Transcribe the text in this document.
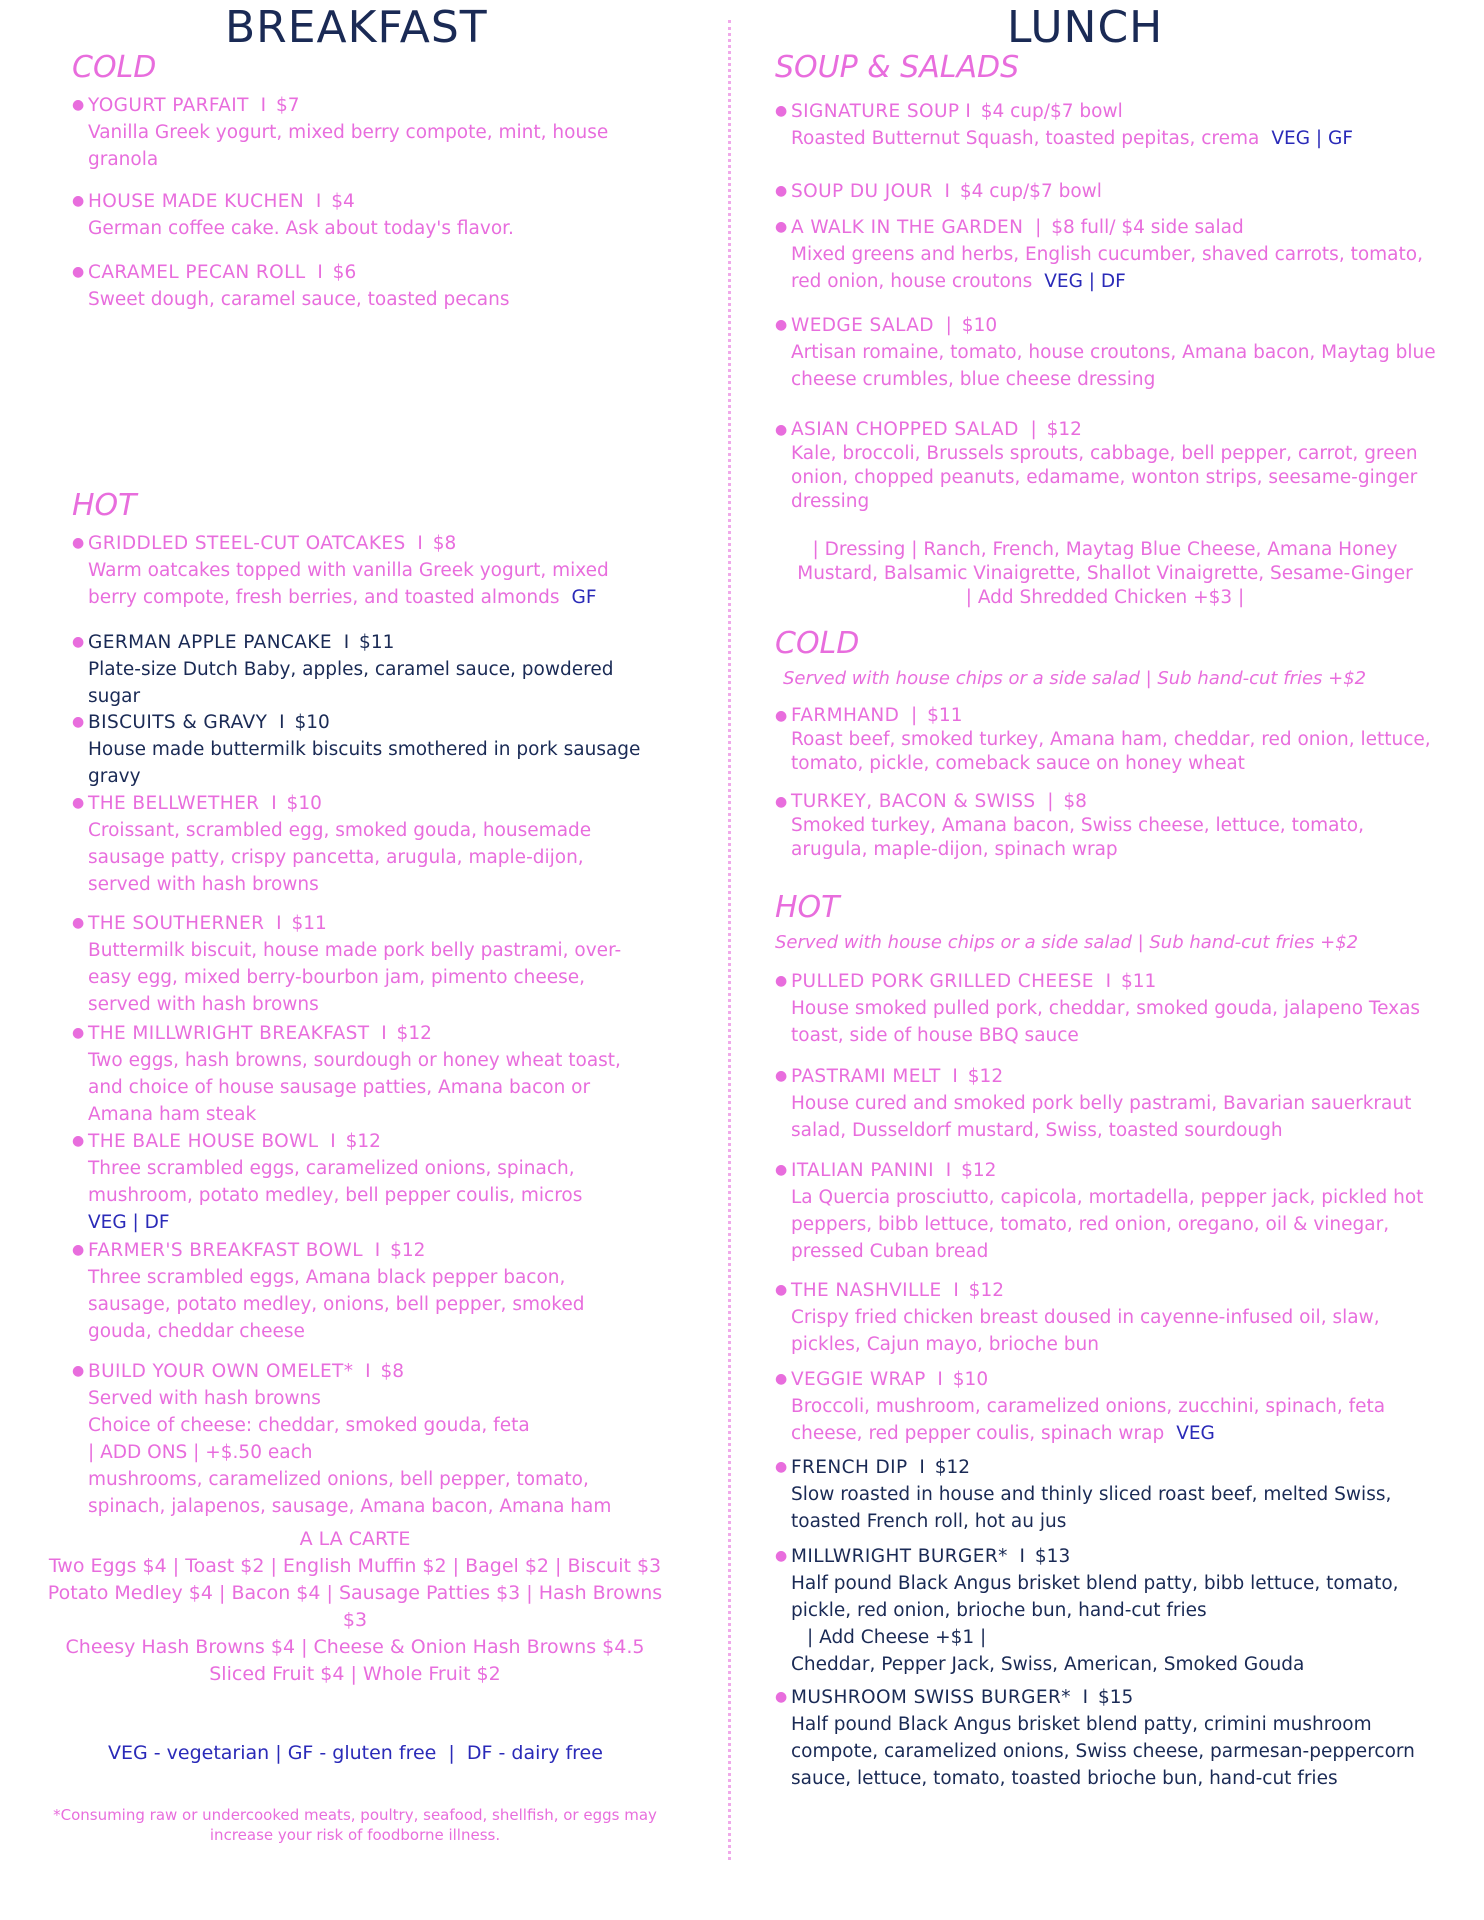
BREAKFAST
COLD
● YOGURT PARFAIT I $7
Vanilla Greek yogurt, mixed berry compote, mint, house granola
● HOUSE MADE KUCHEN I $4
German coffee cake. Ask about today's flavor.
● CARAMEL PECAN ROLL I $6
Sweet dough, caramel sauce, toasted pecans
HOT
● GRIDDLED STEEL-CUT OATCAKES I $8
Warm oatcakes topped with vanilla Greek yogurt, mixed berry compote, fresh berries, and toasted almonds GF
● GERMAN APPLE PANCAKE I $11
Plate-size Dutch Baby, apples, caramel sauce, powdered sugar
● BISCUITS & GRAVY I $10
House made buttermilk biscuits smothered in pork sausage gravy
● THE BELLWETHER I $10
Croissant, scrambled egg, smoked gouda, housemade sausage patty, crispy pancetta, arugula, maple-dijon, served with hash browns
● THE SOUTHERNER I $11
Buttermilk biscuit, house made pork belly pastrami, over-easy egg, mixed berry-bourbon jam, pimento cheese, served with hash browns
● THE MILLWRIGHT BREAKFAST I $12
Two eggs, hash browns, sourdough or honey wheat toast, and choice of house sausage patties, Amana bacon or Amana ham steak
● THE BALE HOUSE BOWL I $12
Three scrambled eggs, caramelized onions, spinach, mushroom, potato medley, bell pepper coulis, micros
VEG | DF
● FARMER'S BREAKFAST BOWL I $12
Three scrambled eggs, Amana black pepper bacon, sausage, potato medley, onions, bell pepper, smoked gouda, cheddar cheese
● BUILD YOUR OWN OMELET* I $8
Served with hash browns
Choice of cheese: cheddar, smoked gouda, feta
| ADD ONS | +$.50 each
mushrooms, caramelized onions, bell pepper, tomato,
spinach, jalapenos, sausage, Amana bacon, Amana ham
A LA CARTE
Two Eggs $4 | Toast $2 | English Muffin $2 | Bagel $2 | Biscuit $3
Potato Medley $4 | Bacon $4 | Sausage Patties $3 | Hash Browns $3
Cheesy Hash Browns $4 | Cheese & Onion Hash Browns $4.5
Sliced Fruit $4 | Whole Fruit $2
VEG - vegetarian | GF - gluten free  |  DF - dairy free
*Consuming raw or undercooked meats, poultry, seafood, shellfish, or eggs may
increase your risk of foodborne illness.
LUNCH
SOUP & SALADS
● SIGNATURE SOUP I $4 cup/$7 bowl
Roasted Butternut Squash, toasted pepitas, crema VEG | GF
● SOUP DU JOUR I $4 cup/$7 bowl
● A WALK IN THE GARDEN | $8 full/ $4 side salad
Mixed greens and herbs, English cucumber, shaved carrots, tomato, red onion, house croutons VEG | DF
● WEDGE SALAD | $10
Artisan romaine, tomato, house croutons, Amana bacon, Maytag blue cheese crumbles, blue cheese dressing
● ASIAN CHOPPED SALAD | $12
Kale, broccoli, Brussels sprouts, cabbage, bell pepper, carrot, green onion, chopped peanuts, edamame, wonton strips, seesame-ginger dressing
| Dressing | Ranch, French, Maytag Blue Cheese, Amana Honey
Mustard, Balsamic Vinaigrette, Shallot Vinaigrette, Sesame-Ginger
| Add Shredded Chicken +$3 |
COLD
Served with house chips or a side salad | Sub hand-cut fries +$2
● FARMHAND | $11
Roast beef, smoked turkey, Amana ham, cheddar, red onion, lettuce, tomato, pickle, comeback sauce on honey wheat
● TURKEY, BACON & SWISS | $8
Smoked turkey, Amana bacon, Swiss cheese, lettuce, tomato, arugula, maple-dijon, spinach wrap
HOT
Served with house chips or a side salad | Sub hand-cut fries +$2
● PULLED PORK GRILLED CHEESE I $11
House smoked pulled pork, cheddar, smoked gouda, jalapeno Texas toast, side of house BBQ sauce
● PASTRAMI MELT I $12
House cured and smoked pork belly pastrami, Bavarian sauerkraut salad, Dusseldorf mustard, Swiss, toasted sourdough
● ITALIAN PANINI I $12
La Quercia prosciutto, capicola, mortadella, pepper jack, pickled hot peppers, bibb lettuce, tomato, red onion, oregano, oil & vinegar, pressed Cuban bread
● THE NASHVILLE I $12
Crispy fried chicken breast doused in cayenne-infused oil, slaw, pickles, Cajun mayo, brioche bun
● VEGGIE WRAP I $10
Broccoli, mushroom, caramelized onions, zucchini, spinach, feta cheese, red pepper coulis, spinach wrap VEG
● FRENCH DIP I $12
Slow roasted in house and thinly sliced roast beef, melted Swiss, toasted French roll, hot au jus
● MILLWRIGHT BURGER* I $13
Half pound Black Angus brisket blend patty, bibb lettuce, tomato, pickle, red onion, brioche bun, hand-cut fries
| Add Cheese +$1 |
Cheddar, Pepper Jack, Swiss, American, Smoked Gouda
● MUSHROOM SWISS BURGER* I $15
Half pound Black Angus brisket blend patty, crimini mushroom compote, caramelized onions, Swiss cheese, parmesan-peppercorn sauce, lettuce, tomato, toasted brioche bun, hand-cut fries
